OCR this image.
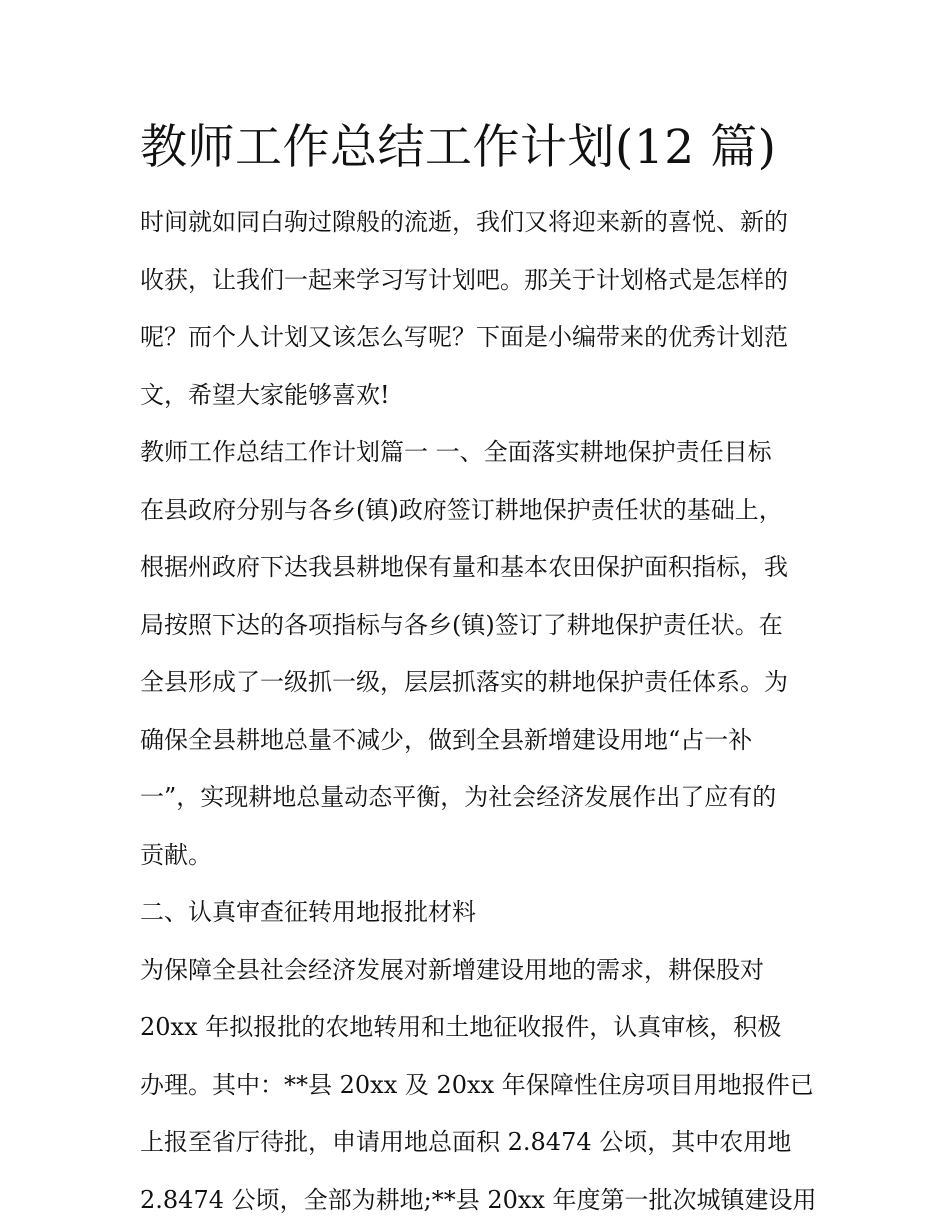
教师工作总结工作计划(12 篇)
时间就如同白驹过隙般的流逝，我们又将迎来新的喜悦、新的
收获，让我们一起来学习写计划吧。那关于计划格式是怎样的
呢？而个人计划又该怎么写呢？下面是小编带来的优秀计划范
文，希望大家能够喜欢!
教师工作总结工作计划篇一 一、全面落实耕地保护责任目标
在县政府分别与各乡(镇)政府签订耕地保护责任状的基础上，
根据州政府下达我县耕地保有量和基本农田保护面积指标，我
局按照下达的各项指标与各乡(镇)签订了耕地保护责任状。在
全县形成了一级抓一级，层层抓落实的耕地保护责任体系。为
确保全县耕地总量不减少，做到全县新增建设用地“占一补
一”，实现耕地总量动态平衡，为社会经济发展作出了应有的
贡献。
二、认真审查征转用地报批材料
为保障全县社会经济发展对新增建设用地的需求，耕保股对
20xx 年拟报批的农地转用和土地征收报件，认真审核，积极
办理。其中：**县 20xx 及 20xx 年保障性住房项目用地报件已
上报至省厅待批，申请用地总面积 2.8474 公顷，其中农用地
2.8474 公顷，全部为耕地;**县 20xx 年度第一批次城镇建设用
